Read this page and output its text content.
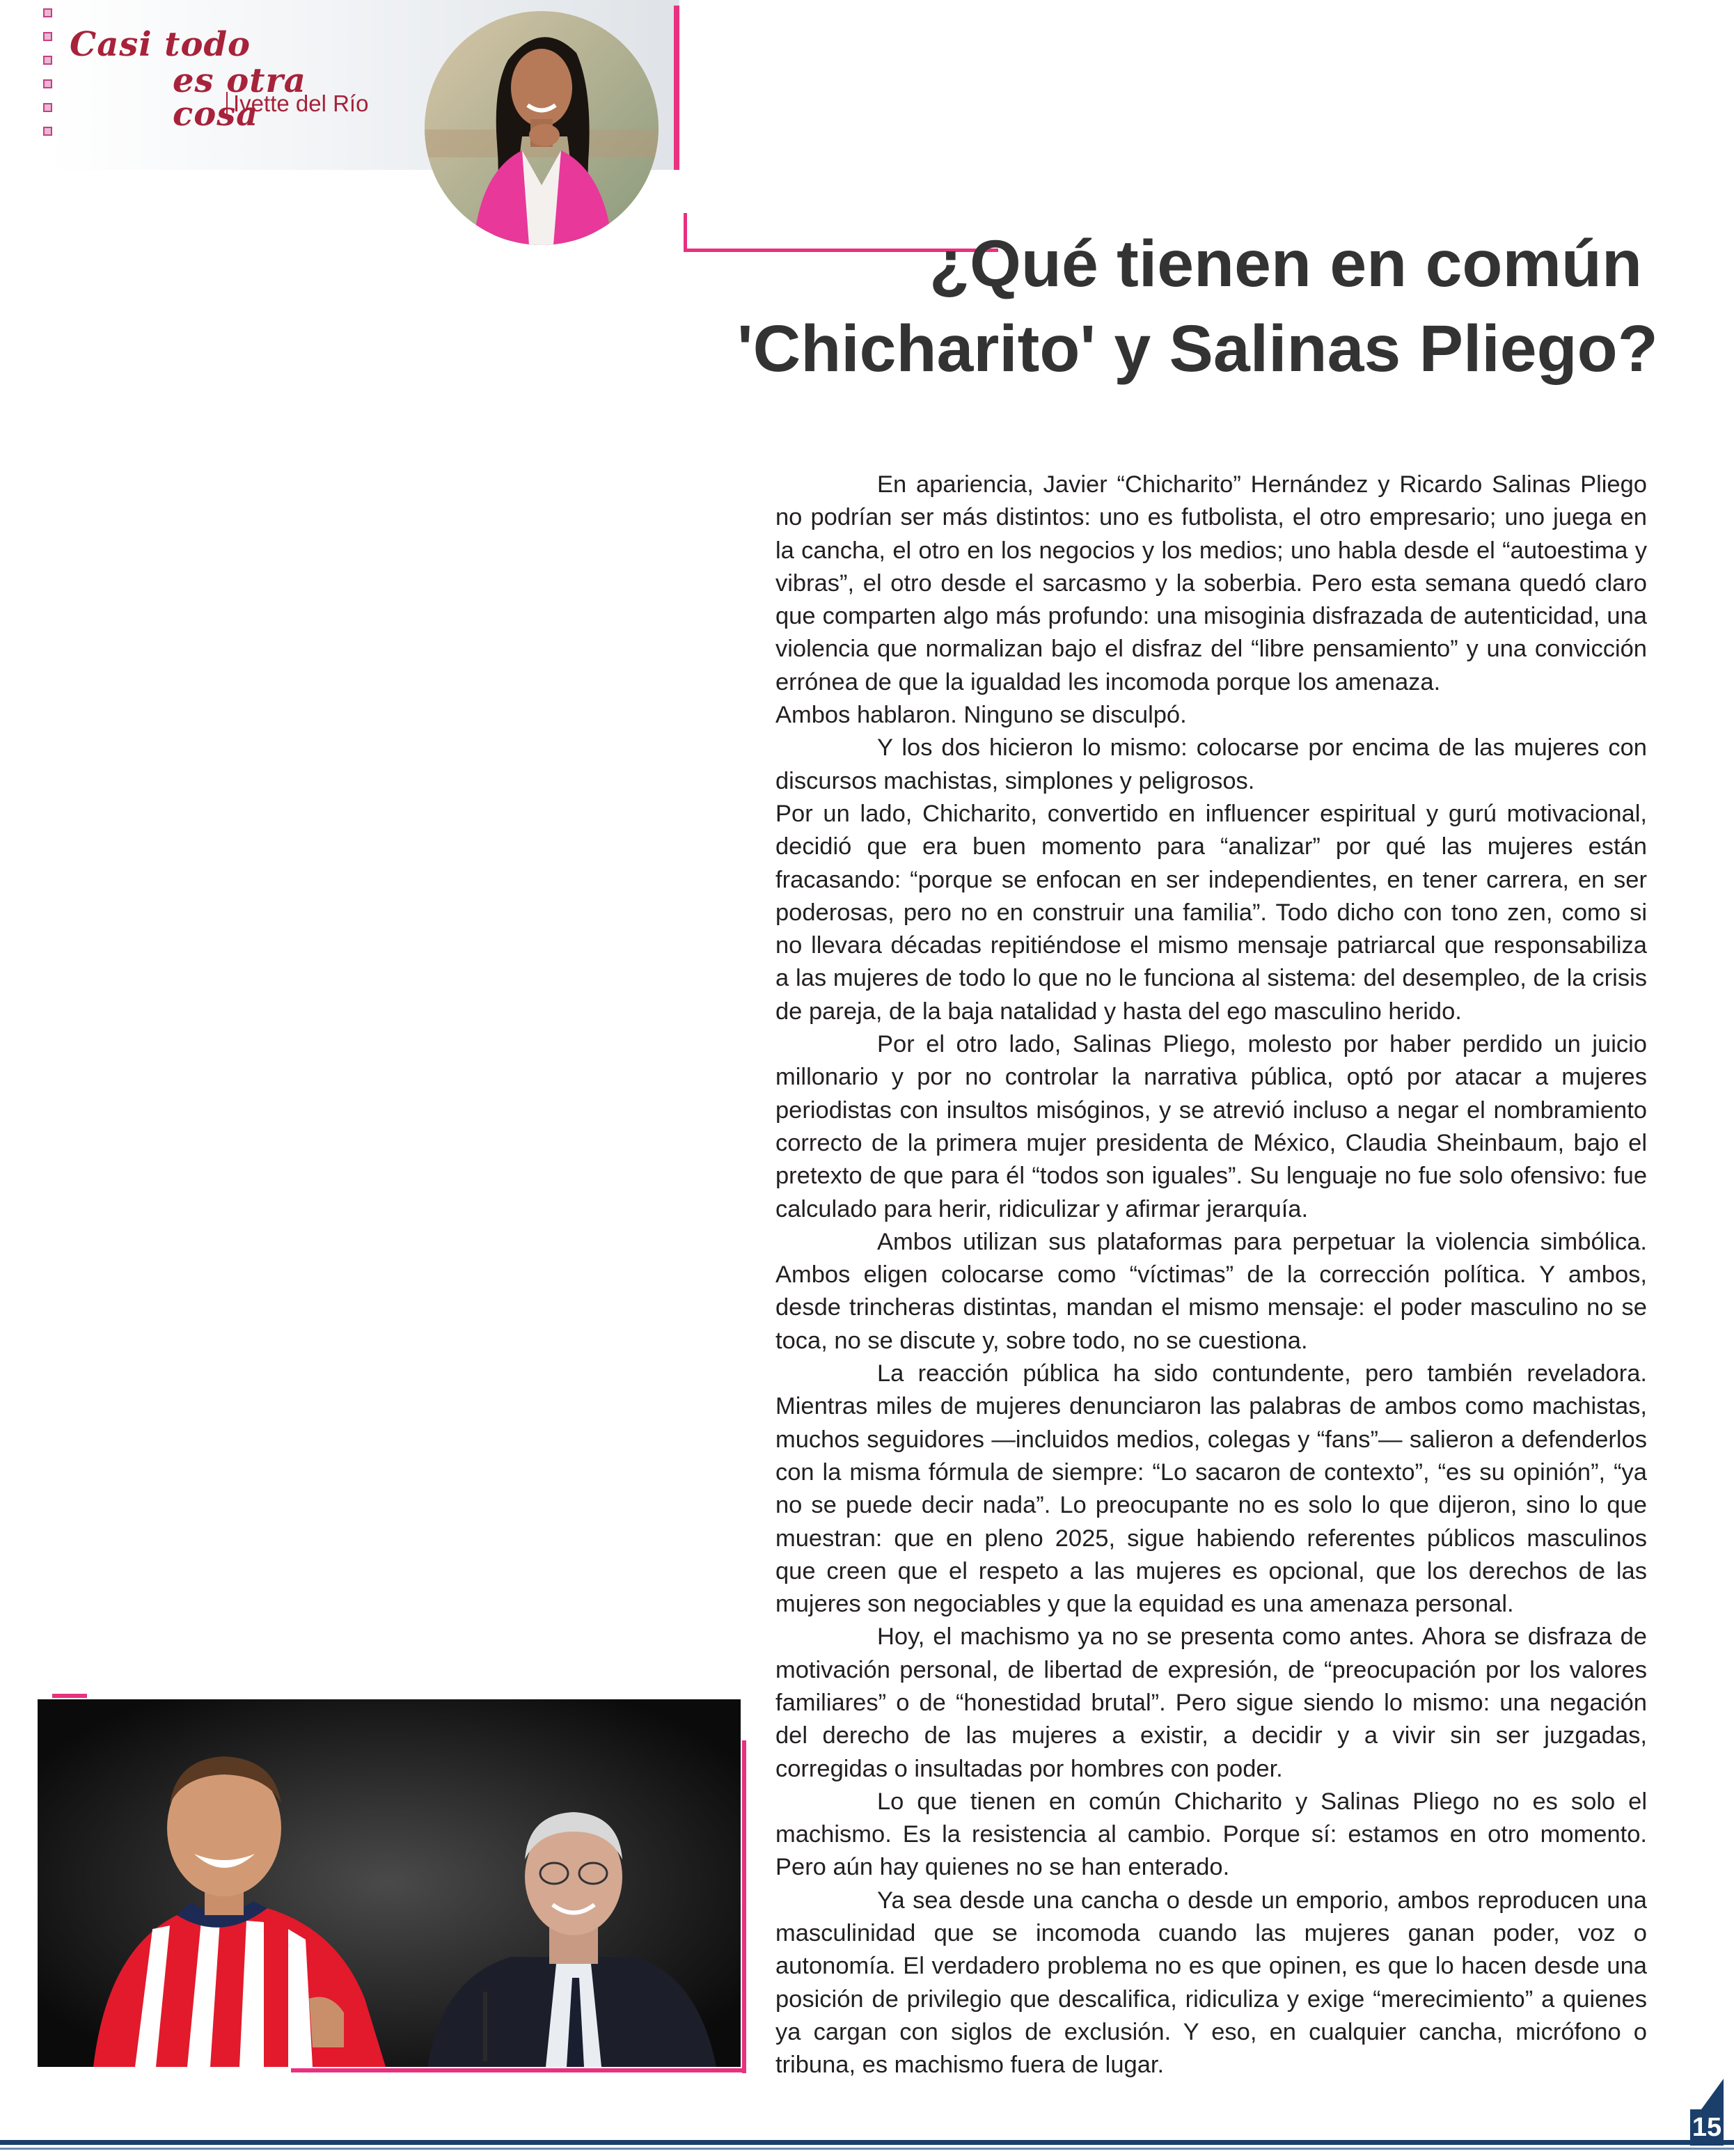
Casi todo
es otra cosa
Ivette del Río
¿Qué tienen en común
'Chicharito' y Salinas Pliego?

En apariencia, Javier “Chicharito” Hernández y Ricardo Salinas Pliego no podrían ser más distintos: uno es futbolista, el otro empresario; uno juega en la cancha, el otro en los negocios y los medios; uno habla desde el “autoestima y vibras”, el otro desde el sarcasmo y la soberbia. Pero esta semana quedó claro que comparten algo más profundo: una misoginia disfrazada de autenticidad, una violencia que normalizan bajo el disfraz del “libre pensamiento” y una convicción errónea de que la igualdad les incomoda porque los amenaza.

Ambos hablaron. Ninguno se disculpó.

Y los dos hicieron lo mismo: colocarse por encima de las mujeres con discursos machistas, simplones y peligrosos.

Por un lado, Chicharito, convertido en influencer espiritual y gurú motivacional, decidió que era buen momento para “analizar” por qué las mujeres están fracasando: “porque se enfocan en ser independientes, en tener carrera, en ser poderosas, pero no en construir una familia”. Todo dicho con tono zen, como si no llevara décadas repitiéndose el mismo mensaje patriarcal que responsabiliza a las mujeres de todo lo que no le funciona al sistema: del desempleo, de la crisis de pareja, de la baja natalidad y hasta del ego masculino herido.

Por el otro lado, Salinas Pliego, molesto por haber perdido un juicio millonario y por no controlar la narrativa pública, optó por atacar a mujeres periodistas con insultos misóginos, y se atrevió incluso a negar el nombramiento correcto de la primera mujer presidenta de México, Claudia Sheinbaum, bajo el pretexto de que para él “todos son iguales”. Su lenguaje no fue solo ofensivo: fue calculado para herir, ridiculizar y afirmar jerarquía.

Ambos utilizan sus plataformas para perpetuar la violencia simbólica. Ambos eligen colocarse como “víctimas” de la corrección política. Y ambos, desde trincheras distintas, mandan el mismo mensaje: el poder masculino no se toca, no se discute y, sobre todo, no se cuestiona.

La reacción pública ha sido contundente, pero también reveladora. Mientras miles de mujeres denunciaron las palabras de ambos como machistas, muchos seguidores —incluidos medios, colegas y “fans”— salieron a defenderlos con la misma fórmula de siempre: “Lo sacaron de contexto”, “es su opinión”, “ya no se puede decir nada”. Lo preocupante no es solo lo que dijeron, sino lo que muestran: que en pleno 2025, sigue habiendo referentes públicos masculinos que creen que el respeto a las mujeres es opcional, que los derechos de las mujeres son negociables y que la equidad es una amenaza personal.

Hoy, el machismo ya no se presenta como antes. Ahora se disfraza de motivación personal, de libertad de expresión, de “preocupación por los valores familiares” o de “honestidad brutal”. Pero sigue siendo lo mismo: una negación del derecho de las mujeres a existir, a decidir y a vivir sin ser juzgadas, corregidas o insultadas por hombres con poder.

Lo que tienen en común Chicharito y Salinas Pliego no es solo el machismo. Es la resistencia al cambio. Porque sí: estamos en otro momento. Pero aún hay quienes no se han enterado.

Ya sea desde una cancha o desde un emporio, ambos reproducen una masculinidad que se incomoda cuando las mujeres ganan poder, voz o autonomía. El verdadero problema no es que opinen, es que lo hacen desde una posición de privilegio que descalifica, ridiculiza y exige “merecimiento” a quienes ya cargan con siglos de exclusión. Y eso, en cualquier cancha, micrófono o tribuna, es machismo fuera de lugar.

15
